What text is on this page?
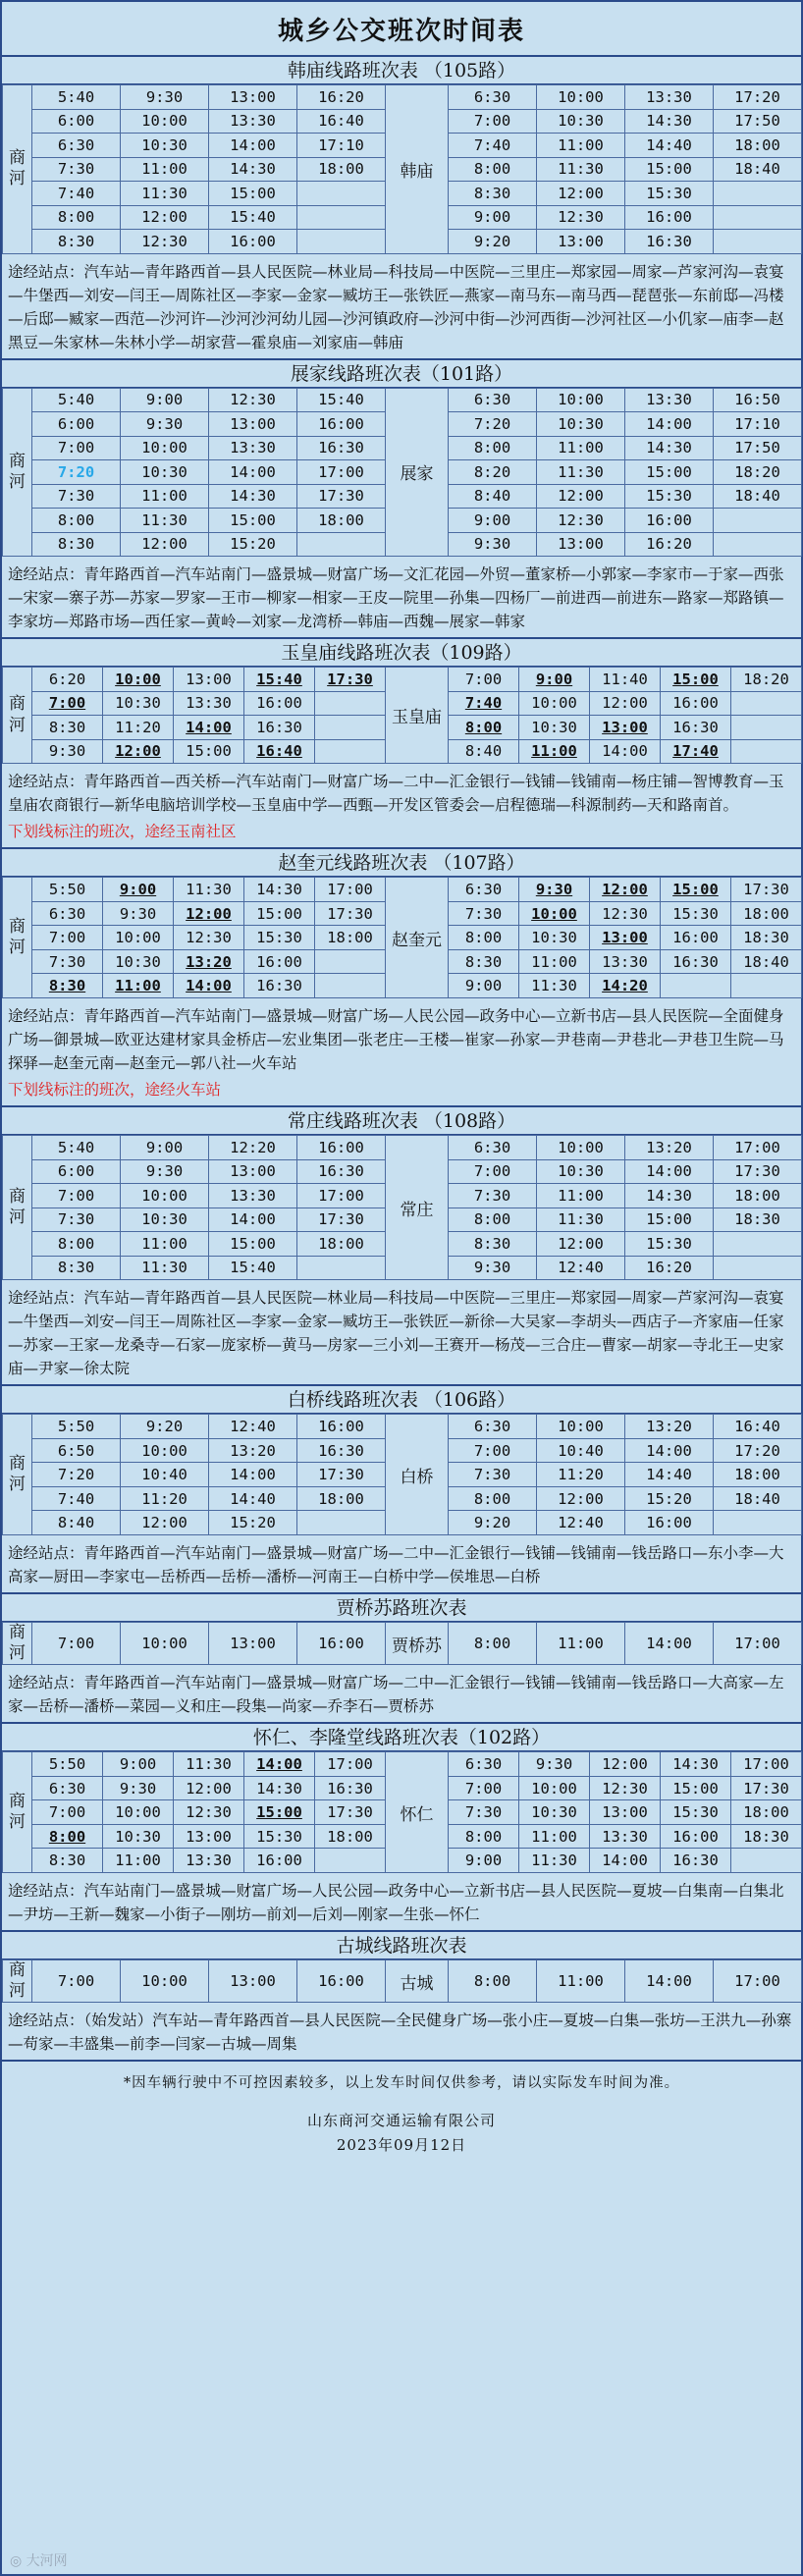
城乡公交班次时间表
韩庙线路班次表 （105路）
商河	5:40	9:30	13:00	16:20	韩庙	6:30	10:00	13:30	17:20
	6:00	10:00	13:30	16:40		7:00	10:30	14:30	17:50
	6:30	10:30	14:00	17:10		7:40	11:00	14:40	18:00
	7:30	11:00	14:30	18:00		8:00	11:30	15:00	18:40
	7:40	11:30	15:00			8:30	12:00	15:30	
	8:00	12:00	15:40			9:00	12:30	16:00	
	8:30	12:30	16:00			9:20	13:00	16:30	
途经站点：汽车站—青年路西首—县人民医院—林业局—科技局—中医院—三里庄—郑家园—周家—芦家河沟—袁宴—牛堡西—刘安—闫王—周陈社区—李家—金家—臧坊王—张铁匠—燕家—南马东—南马西—琵琶张—东前邸—冯楼—后邸—臧家—西范—沙河许—沙河沙河幼儿园—沙河镇政府—沙河中街—沙河西街—沙河社区—小仉家—庙李—赵黑豆—朱家林—朱林小学—胡家营—霍泉庙—刘家庙—韩庙
展家线路班次表（101路）
商河	5:40	9:00	12:30	15:40	展家	6:30	10:00	13:30	16:50
	6:00	9:30	13:00	16:00		7:20	10:30	14:00	17:10
	7:00	10:00	13:30	16:30		8:00	11:00	14:30	17:50
	7:20	10:30	14:00	17:00		8:20	11:30	15:00	18:20
	7:30	11:00	14:30	17:30		8:40	12:00	15:30	18:40
	8:00	11:30	15:00	18:00		9:00	12:30	16:00	
	8:30	12:00	15:20			9:30	13:00	16:20	
途经站点：青年路西首—汽车站南门—盛景城—财富广场—文汇花园—外贸—董家桥—小郭家—李家市—于家—西张—宋家—寨子苏—苏家—罗家—王市—柳家—相家—王皮—院里—孙集—四杨厂—前进西—前进东—路家—郑路镇—李家坊—郑路市场—西任家—黄岭—刘家—龙湾桥—韩庙—西魏—展家—韩家
玉皇庙线路班次表（109路）
商河	6:20	10:00	13:00	15:40	17:30	玉皇庙	7:00	9:00	11:40	15:00	18:20
	7:00	10:30	13:30	16:00			7:40	10:00	12:00	16:00	
	8:30	11:20	14:00	16:30			8:00	10:30	13:00	16:30	
	9:30	12:00	15:00	16:40			8:40	11:00	14:00	17:40	
途经站点：青年路西首—西关桥—汽车站南门—财富广场—二中—汇金银行—钱铺—钱铺南—杨庄铺—智博教育—玉皇庙农商银行—新华电脑培训学校—玉皇庙中学—西甄—开发区管委会—启程德瑞—科源制药—天和路南首。
下划线标注的班次，途经玉南社区
赵奎元线路班次表 （107路）
商河	5:50	9:00	11:30	14:30	17:00	赵奎元	6:30	9:30	12:00	15:00	17:30
	6:30	9:30	12:00	15:00	17:30		7:30	10:00	12:30	15:30	18:00
	7:00	10:00	12:30	15:30	18:00		8:00	10:30	13:00	16:00	18:30
	7:30	10:30	13:20	16:00			8:30	11:00	13:30	16:30	18:40
	8:30	11:00	14:00	16:30			9:00	11:30	14:20		
途经站点：青年路西首—汽车站南门—盛景城—财富广场—人民公园—政务中心—立新书店—县人民医院—全面健身广场—御景城—欧亚达建材家具金桥店—宏业集团—张老庄—王楼—崔家—孙家—尹巷南—尹巷北—尹巷卫生院—马探驿—赵奎元南—赵奎元—郭八社—火车站
下划线标注的班次，途经火车站
常庄线路班次表 （108路）
商河	5:40	9:00	12:20	16:00	常庄	6:30	10:00	13:20	17:00
	6:00	9:30	13:00	16:30		7:00	10:30	14:00	17:30
	7:00	10:00	13:30	17:00		7:30	11:00	14:30	18:00
	7:30	10:30	14:00	17:30		8:00	11:30	15:00	18:30
	8:00	11:00	15:00	18:00		8:30	12:00	15:30	
	8:30	11:30	15:40			9:30	12:40	16:20	
途经站点：汽车站—青年路西首—县人民医院—林业局—科技局—中医院—三里庄—郑家园—周家—芦家河沟—袁宴—牛堡西—刘安—闫王—周陈社区—李家—金家—臧坊王—张铁匠—新徐—大吴家—李胡头—西店子—齐家庙—任家—苏家—王家—龙桑寺—石家—庞家桥—黄马—房家—三小刘—王赛开—杨茂—三合庄—曹家—胡家—寺北王—史家庙—尹家—徐太院
白桥线路班次表 （106路）
商河	5:50	9:20	12:40	16:00	白桥	6:30	10:00	13:20	16:40
	6:50	10:00	13:20	16:30		7:00	10:40	14:00	17:20
	7:20	10:40	14:00	17:30		7:30	11:20	14:40	18:00
	7:40	11:20	14:40	18:00		8:00	12:00	15:20	18:40
	8:40	12:00	15:20			9:20	12:40	16:00	
途经站点：青年路西首—汽车站南门—盛景城—财富广场—二中—汇金银行—钱铺—钱铺南—钱岳路口—东小李—大高家—厨田—李家屯—岳桥西—岳桥—潘桥—河南王—白桥中学—侯堆思—白桥
贾桥苏路班次表
商河	7:00	10:00	13:00	16:00	贾桥苏	8:00	11:00	14:00	17:00
途经站点：青年路西首—汽车站南门—盛景城—财富广场—二中—汇金银行—钱铺—钱铺南—钱岳路口—大高家—左家—岳桥—潘桥—菜园—义和庄—段集—尚家—乔李石—贾桥苏
怀仁、李隆堂线路班次表（102路）
商河	5:50	9:00	11:30	14:00	17:00	怀仁	6:30	9:30	12:00	14:30	17:00
	6:30	9:30	12:00	14:30	16:30		7:00	10:00	12:30	15:00	17:30
	7:00	10:00	12:30	15:00	17:30		7:30	10:30	13:00	15:30	18:00
	8:00	10:30	13:00	15:30	18:00		8:00	11:00	13:30	16:00	18:30
	8:30	11:00	13:30	16:00			9:00	11:30	14:00	16:30	
途经站点：汽车站南门—盛景城—财富广场—人民公园—政务中心—立新书店—县人民医院—夏坡—白集南—白集北—尹坊—王新—魏家—小街子—刚坊—前刘—后刘—刚家—生张—怀仁
古城线路班次表
商河	7:00	10:00	13:00	16:00	古城	8:00	11:00	14:00	17:00
途经站点：（始发站）汽车站—青年路西首—县人民医院—全民健身广场—张小庄—夏坡—白集—张坊—王洪九—孙寨—苟家—丰盛集—前李—闫家—古城—周集
*因车辆行驶中不可控因素较多，以上发车时间仅供参考，请以实际发车时间为准。
山东商河交通运输有限公司
2023年09月12日
◎ 大河网
